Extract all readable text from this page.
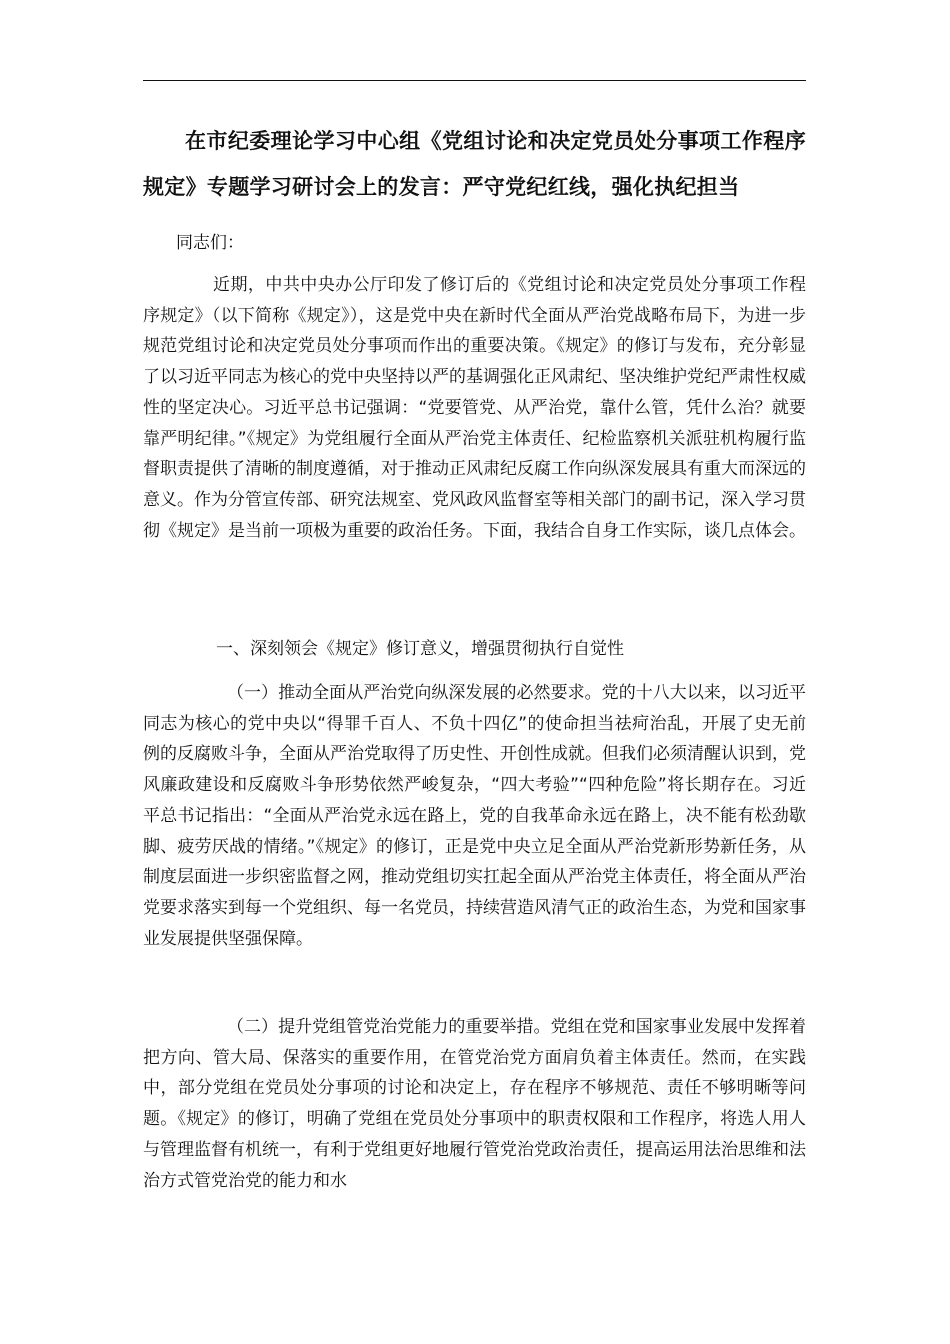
在市纪委理论学习中心组《党组讨论和决定党员处分事项工作程序规定》专题学习研讨会上的发言：严守党纪红线，强化执纪担当

同志们：

近期，中共中央办公厅印发了修订后的《党组讨论和决定党员处分事项工作程序规定》（以下简称《规定》），这是党中央在新时代全面从严治党战略布局下，为进一步规范党组讨论和决定党员处分事项而作出的重要决策。《规定》的修订与发布，充分彰显了以习近平同志为核心的党中央坚持以严的基调强化正风肃纪、坚决维护党纪严肃性权威性的坚定决心。习近平总书记强调：“党要管党、从严治党，靠什么管，凭什么治？就要靠严明纪律。”《规定》为党组履行全面从严治党主体责任、纪检监察机关派驻机构履行监督职责提供了清晰的制度遵循，对于推动正风肃纪反腐工作向纵深发展具有重大而深远的意义。作为分管宣传部、研究法规室、党风政风监督室等相关部门的副书记，深入学习贯彻《规定》是当前一项极为重要的政治任务。下面，我结合自身工作实际，谈几点体会。

一、深刻领会《规定》修订意义，增强贯彻执行自觉性

（一）推动全面从严治党向纵深发展的必然要求。党的十八大以来，以习近平同志为核心的党中央以“得罪千百人、不负十四亿”的使命担当祛疴治乱，开展了史无前例的反腐败斗争，全面从严治党取得了历史性、开创性成就。但我们必须清醒认识到，党风廉政建设和反腐败斗争形势依然严峻复杂，“四大考验”“四种危险”将长期存在。习近平总书记指出：“全面从严治党永远在路上，党的自我革命永远在路上，决不能有松劲歇脚、疲劳厌战的情绪。”《规定》的修订，正是党中央立足全面从严治党新形势新任务，从制度层面进一步织密监督之网，推动党组切实扛起全面从严治党主体责任，将全面从严治党要求落实到每一个党组织、每一名党员，持续营造风清气正的政治生态，为党和国家事业发展提供坚强保障。

（二）提升党组管党治党能力的重要举措。党组在党和国家事业发展中发挥着把方向、管大局、保落实的重要作用，在管党治党方面肩负着主体责任。然而，在实践中，部分党组在党员处分事项的讨论和决定上，存在程序不够规范、责任不够明晰等问题。《规定》的修订，明确了党组在党员处分事项中的职责权限和工作程序，将选人用人与管理监督有机统一，有利于党组更好地履行管党治党政治责任，提高运用法治思维和法治方式管党治党的能力和水
